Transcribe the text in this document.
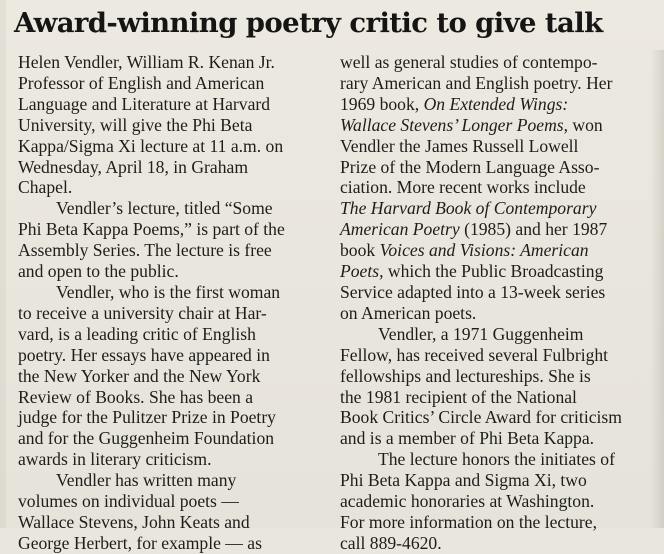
Award-winning poetry critic to give talk
Helen Vendler, William R. Kenan Jr.
Professor of English and American
Language and Literature at Harvard
University, will give the Phi Beta
Kappa/Sigma Xi lecture at 11 a.m. on
Wednesday, April 18, in Graham
Chapel.
Vendler’s lecture, titled “Some
Phi Beta Kappa Poems,” is part of the
Assembly Series. The lecture is free
and open to the public.
Vendler, who is the first woman
to receive a university chair at Har-
vard, is a leading critic of English
poetry. Her essays have appeared in
the New Yorker and the New York
Review of Books. She has been a
judge for the Pulitzer Prize in Poetry
and for the Guggenheim Foundation
awards in literary criticism.
Vendler has written many
volumes on individual poets —
Wallace Stevens, John Keats and
George Herbert, for example — as
well as general studies of contempo-
rary American and English poetry. Her
1969 book, On Extended Wings:
Wallace Stevens’ Longer Poems, won
Vendler the James Russell Lowell
Prize of the Modern Language Asso-
ciation. More recent works include
The Harvard Book of Contemporary
American Poetry (1985) and her 1987
book Voices and Visions: American
Poets, which the Public Broadcasting
Service adapted into a 13-week series
on American poets.
Vendler, a 1971 Guggenheim
Fellow, has received several Fulbright
fellowships and lectureships. She is
the 1981 recipient of the National
Book Critics’ Circle Award for criticism
and is a member of Phi Beta Kappa.
The lecture honors the initiates of
Phi Beta Kappa and Sigma Xi, two
academic honoraries at Washington.
For more information on the lecture,
call 889-4620.
